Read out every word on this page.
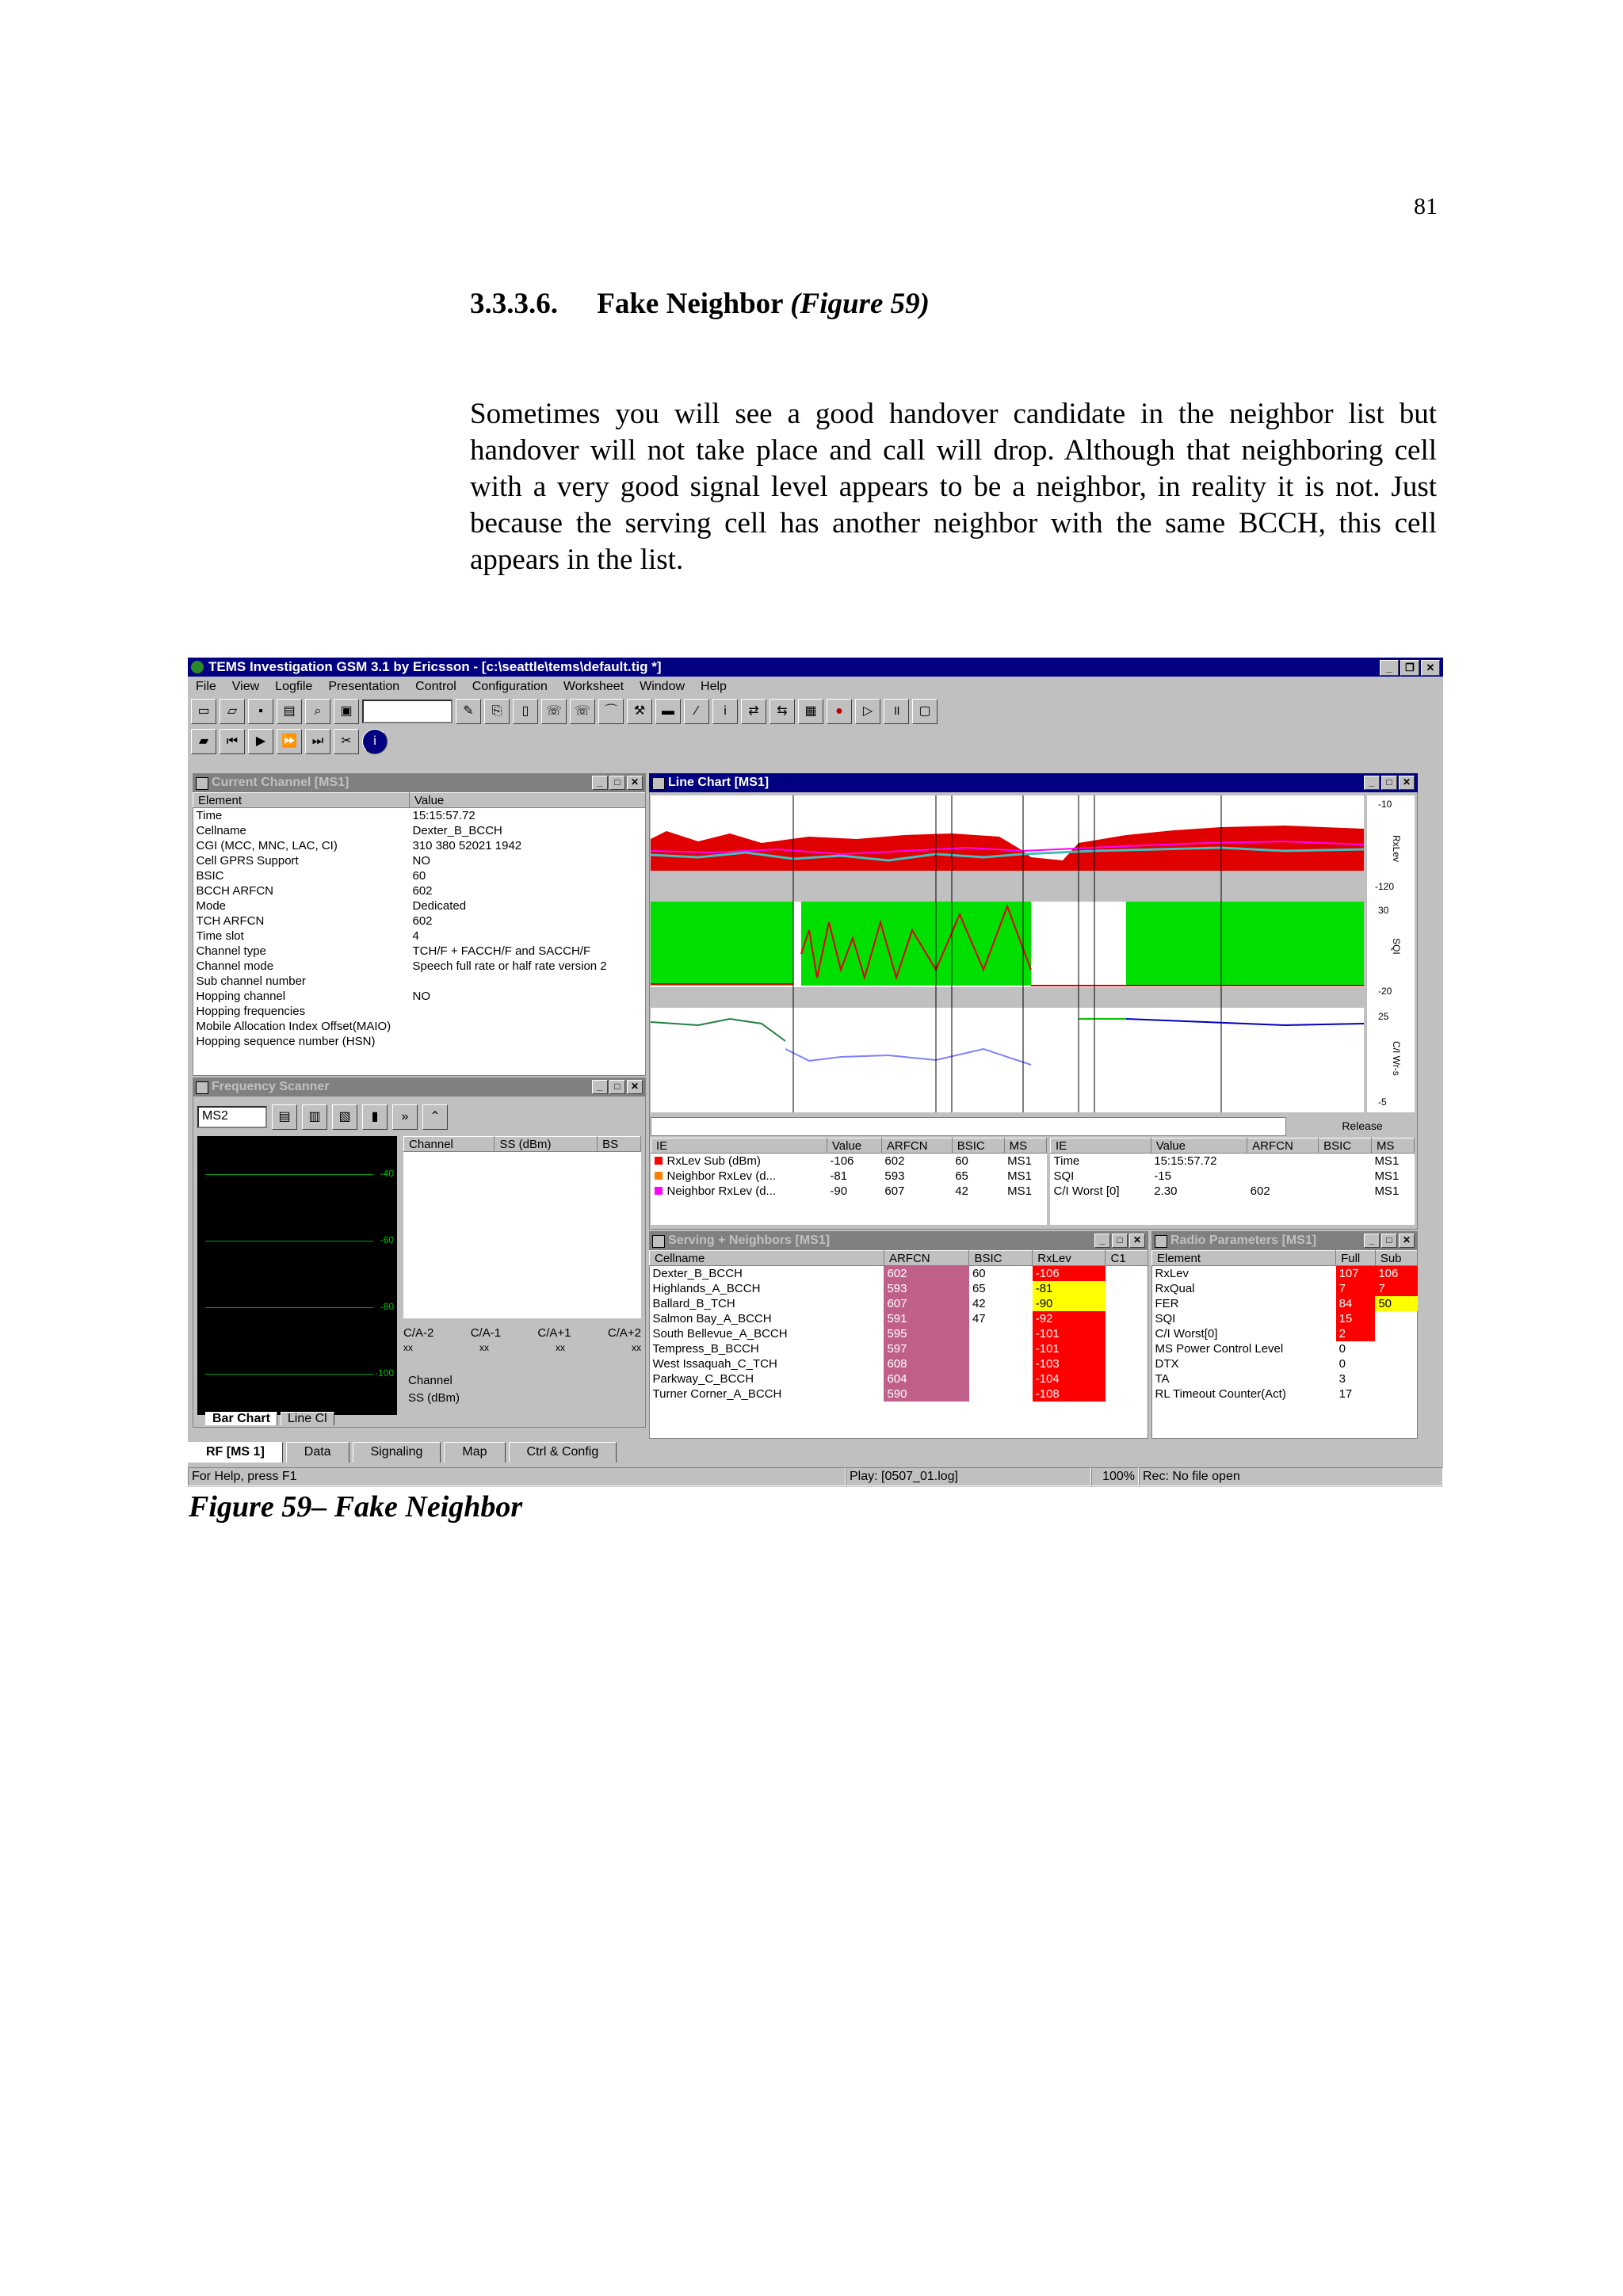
81
3.3.3.6. Fake Neighbor (Figure 59)
Sometimes you will see a good handover candidate in the neighbor list but handover will not take place and call will drop. Although that neighboring cell with a very good signal level appears to be a neighbor, in reality it is not. Just because the serving cell has another neighbor with the same BCCH, this cell appears in the list.
TEMS Investigation GSM 3.1 by Ericsson - [c:\seattle\tems\default.tig *]	_	❐	✕
File	View	Logfile	Presentation	Control	Configuration	Worksheet	Window	Help
▭	▱	▪	▤	⌕	▣	✎	⎘	▯	☏ ☏	⌒	⚒	▬	∕	i	⇄	⇆	▦	●	▷	॥	▢
▰	⏮	▶	⏩	⏭	✂	i
Current Channel [MS1]	_	□	✕
Element	Value
Time	15:15:57.72
Cellname	Dexter_B_BCCH
CGI (MCC, MNC, LAC, CI)	310 380 52021 1942
Cell GPRS Support	NO
BSIC	60
BCCH ARFCN	602
Mode	Dedicated
TCH ARFCN	602
Time slot	4
Channel type	TCH/F + FACCH/F and SACCH/F
Channel mode	Speech full rate or half rate version 2
Sub channel number	
Hopping channel	NO
Hopping frequencies	
Mobile Allocation Index Offset(MAIO)	
Hopping sequence number (HSN)	
Frequency Scanner	_	□	✕
MS2	▤	▥	▧	▮	»	⌃
-40
-60
-80
-100
Channel	SS (dBm)	BS
C/A-2	C/A-1	C/A+1	C/A+2
xx	xx	xx	xx
Channel
SS (dBm)
Bar Chart	Line Cl
Line Chart [MS1]	_	□	✕
-10
-120
RxLev
30
-20
SQI
25
-5
C/I Wr-s
Release
IE	Value	ARFCN	BSIC	MS
RxLev Sub (dBm)	-106	602	60	MS1
Neighbor RxLev (d...	-81	593	65	MS1
Neighbor RxLev (d...	-90	607	42	MS1
IE	Value	ARFCN	BSIC	MS
Time	15:15:57.72			MS1
SQI	-15			MS1
C/I Worst [0]	2.30	602		MS1
Serving + Neighbors [MS1]	_	□	✕
Cellname	ARFCN	BSIC	RxLev	C1
Dexter_B_BCCH	602	60	-106	
Highlands_A_BCCH	593	65	-81	
Ballard_B_TCH	607	42	-90	
Salmon Bay_A_BCCH	591	47	-92	
South Bellevue_A_BCCH	595		-101	
Tempress_B_BCCH	597		-101	
West Issaquah_C_TCH	608		-103	
Parkway_C_BCCH	604		-104	
Turner Corner_A_BCCH	590		-108	
Radio Parameters [MS1]	_	□	✕
Element	Full	Sub
RxLev	107	106
RxQual	7	7
FER	84	50
SQI	15	
C/I Worst[0]	2	
MS Power Control Level	0	
DTX	0	
TA	3	
RL Timeout Counter(Act)	17	
RF [MS 1]	Data	Signaling	Map	Ctrl & Config
For Help, press F1	Play: [0507_01.log]	100% Rec: No file open
Figure 59– Fake Neighbor
